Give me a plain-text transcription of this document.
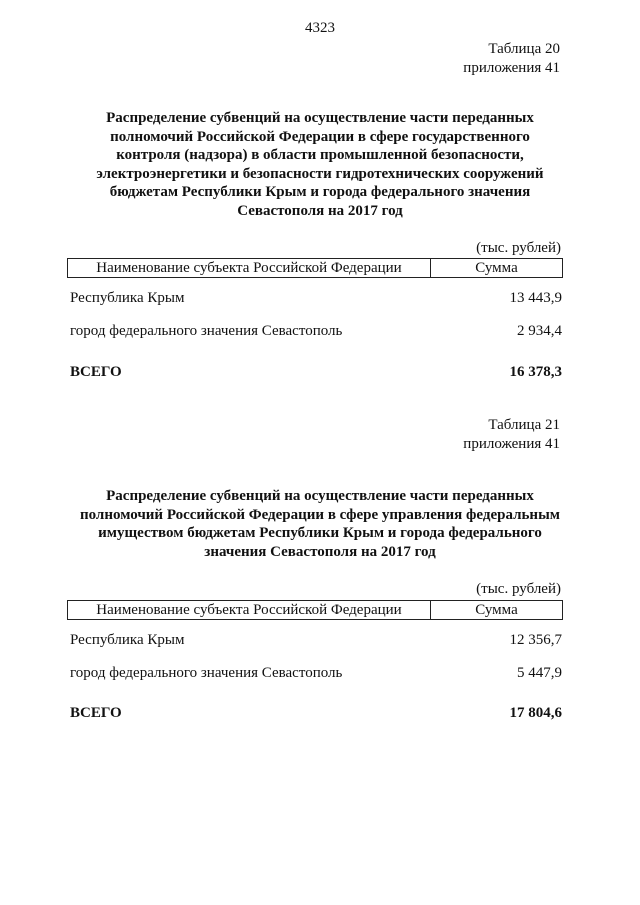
4323
Таблица 20
приложения 41
Распределение субвенций на осуществление части переданных
полномочий Российской Федерации в сфере государственного
контроля (надзора) в области промышленной безопасности,
электроэнергетики и безопасности гидротехнических сооружений
бюджетам Республики Крым и города федерального значения
Севастополя на 2017 год
(тыс. рублей)
Наименование субъекта Российской Федерации	Сумма
Республика Крым	13 443,9
город федерального значения Севастополь	2 934,4
ВСЕГО	16 378,3
Таблица 21
приложения 41
Распределение субвенций на осуществление части переданных
полномочий Российской Федерации в сфере управления федеральным
имуществом бюджетам Республики Крым и города федерального
значения Севастополя на 2017 год
(тыс. рублей)
Наименование субъекта Российской Федерации	Сумма
Республика Крым	12 356,7
город федерального значения Севастополь	5 447,9
ВСЕГО	17 804,6
